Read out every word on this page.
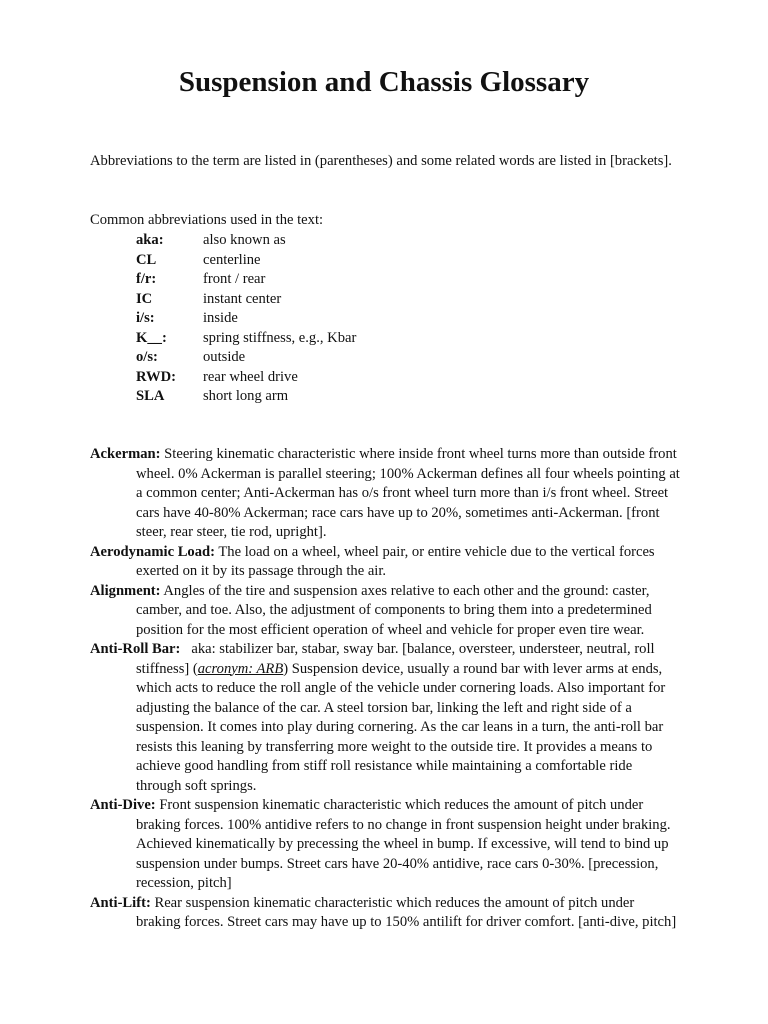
Suspension and Chassis Glossary
Abbreviations to the term are listed in (parentheses) and some related words are listed in [brackets].
Common abbreviations used in the text:
aka:	also known as
CL	centerline
f/r:	front / rear
IC	instant center
i/s:	inside
K__: spring stiffness, e.g., Kbar
o/s:	outside
RWD: rear wheel drive
SLA	short long arm

Ackerman: Steering kinematic characteristic where inside front wheel turns more than outside front wheel. 0% Ackerman is parallel steering; 100% Ackerman defines all four wheels pointing at a common center; Anti-Ackerman has o/s front wheel turn more than i/s front wheel. Street cars have 40-80% Ackerman; race cars have up to 20%, sometimes anti-Ackerman. [front steer, rear steer, tie rod, upright].

Aerodynamic Load: The load on a wheel, wheel pair, or entire vehicle due to the vertical forces exerted on it by its passage through the air.

Alignment: Angles of the tire and suspension axes relative to each other and the ground: caster, camber, and toe. Also, the adjustment of components to bring them into a predetermined position for the most efficient operation of wheel and vehicle for proper even tire wear.

Anti-Roll Bar:   aka: stabilizer bar, stabar, sway bar. [balance, oversteer, understeer, neutral, roll stiffness] (acronym: ARB) Suspension device, usually a round bar with lever arms at ends, which acts to reduce the roll angle of the vehicle under cornering loads. Also important for adjusting the balance of the car. A steel torsion bar, linking the left and right side of a suspension. It comes into play during cornering. As the car leans in a turn, the anti-roll bar resists this leaning by transferring more weight to the outside tire. It provides a means to achieve good handling from stiff roll resistance while maintaining a comfortable ride through soft springs.

Anti-Dive: Front suspension kinematic characteristic which reduces the amount of pitch under braking forces. 100% antidive refers to no change in front suspension height under braking. Achieved kinematically by precessing the wheel in bump. If excessive, will tend to bind up suspension under bumps. Street cars have 20-40% antidive, race cars 0-30%. [precession, recession, pitch]

Anti-Lift: Rear suspension kinematic characteristic which reduces the amount of pitch under braking forces. Street cars may have up to 150% antilift for driver comfort. [anti-dive, pitch]
